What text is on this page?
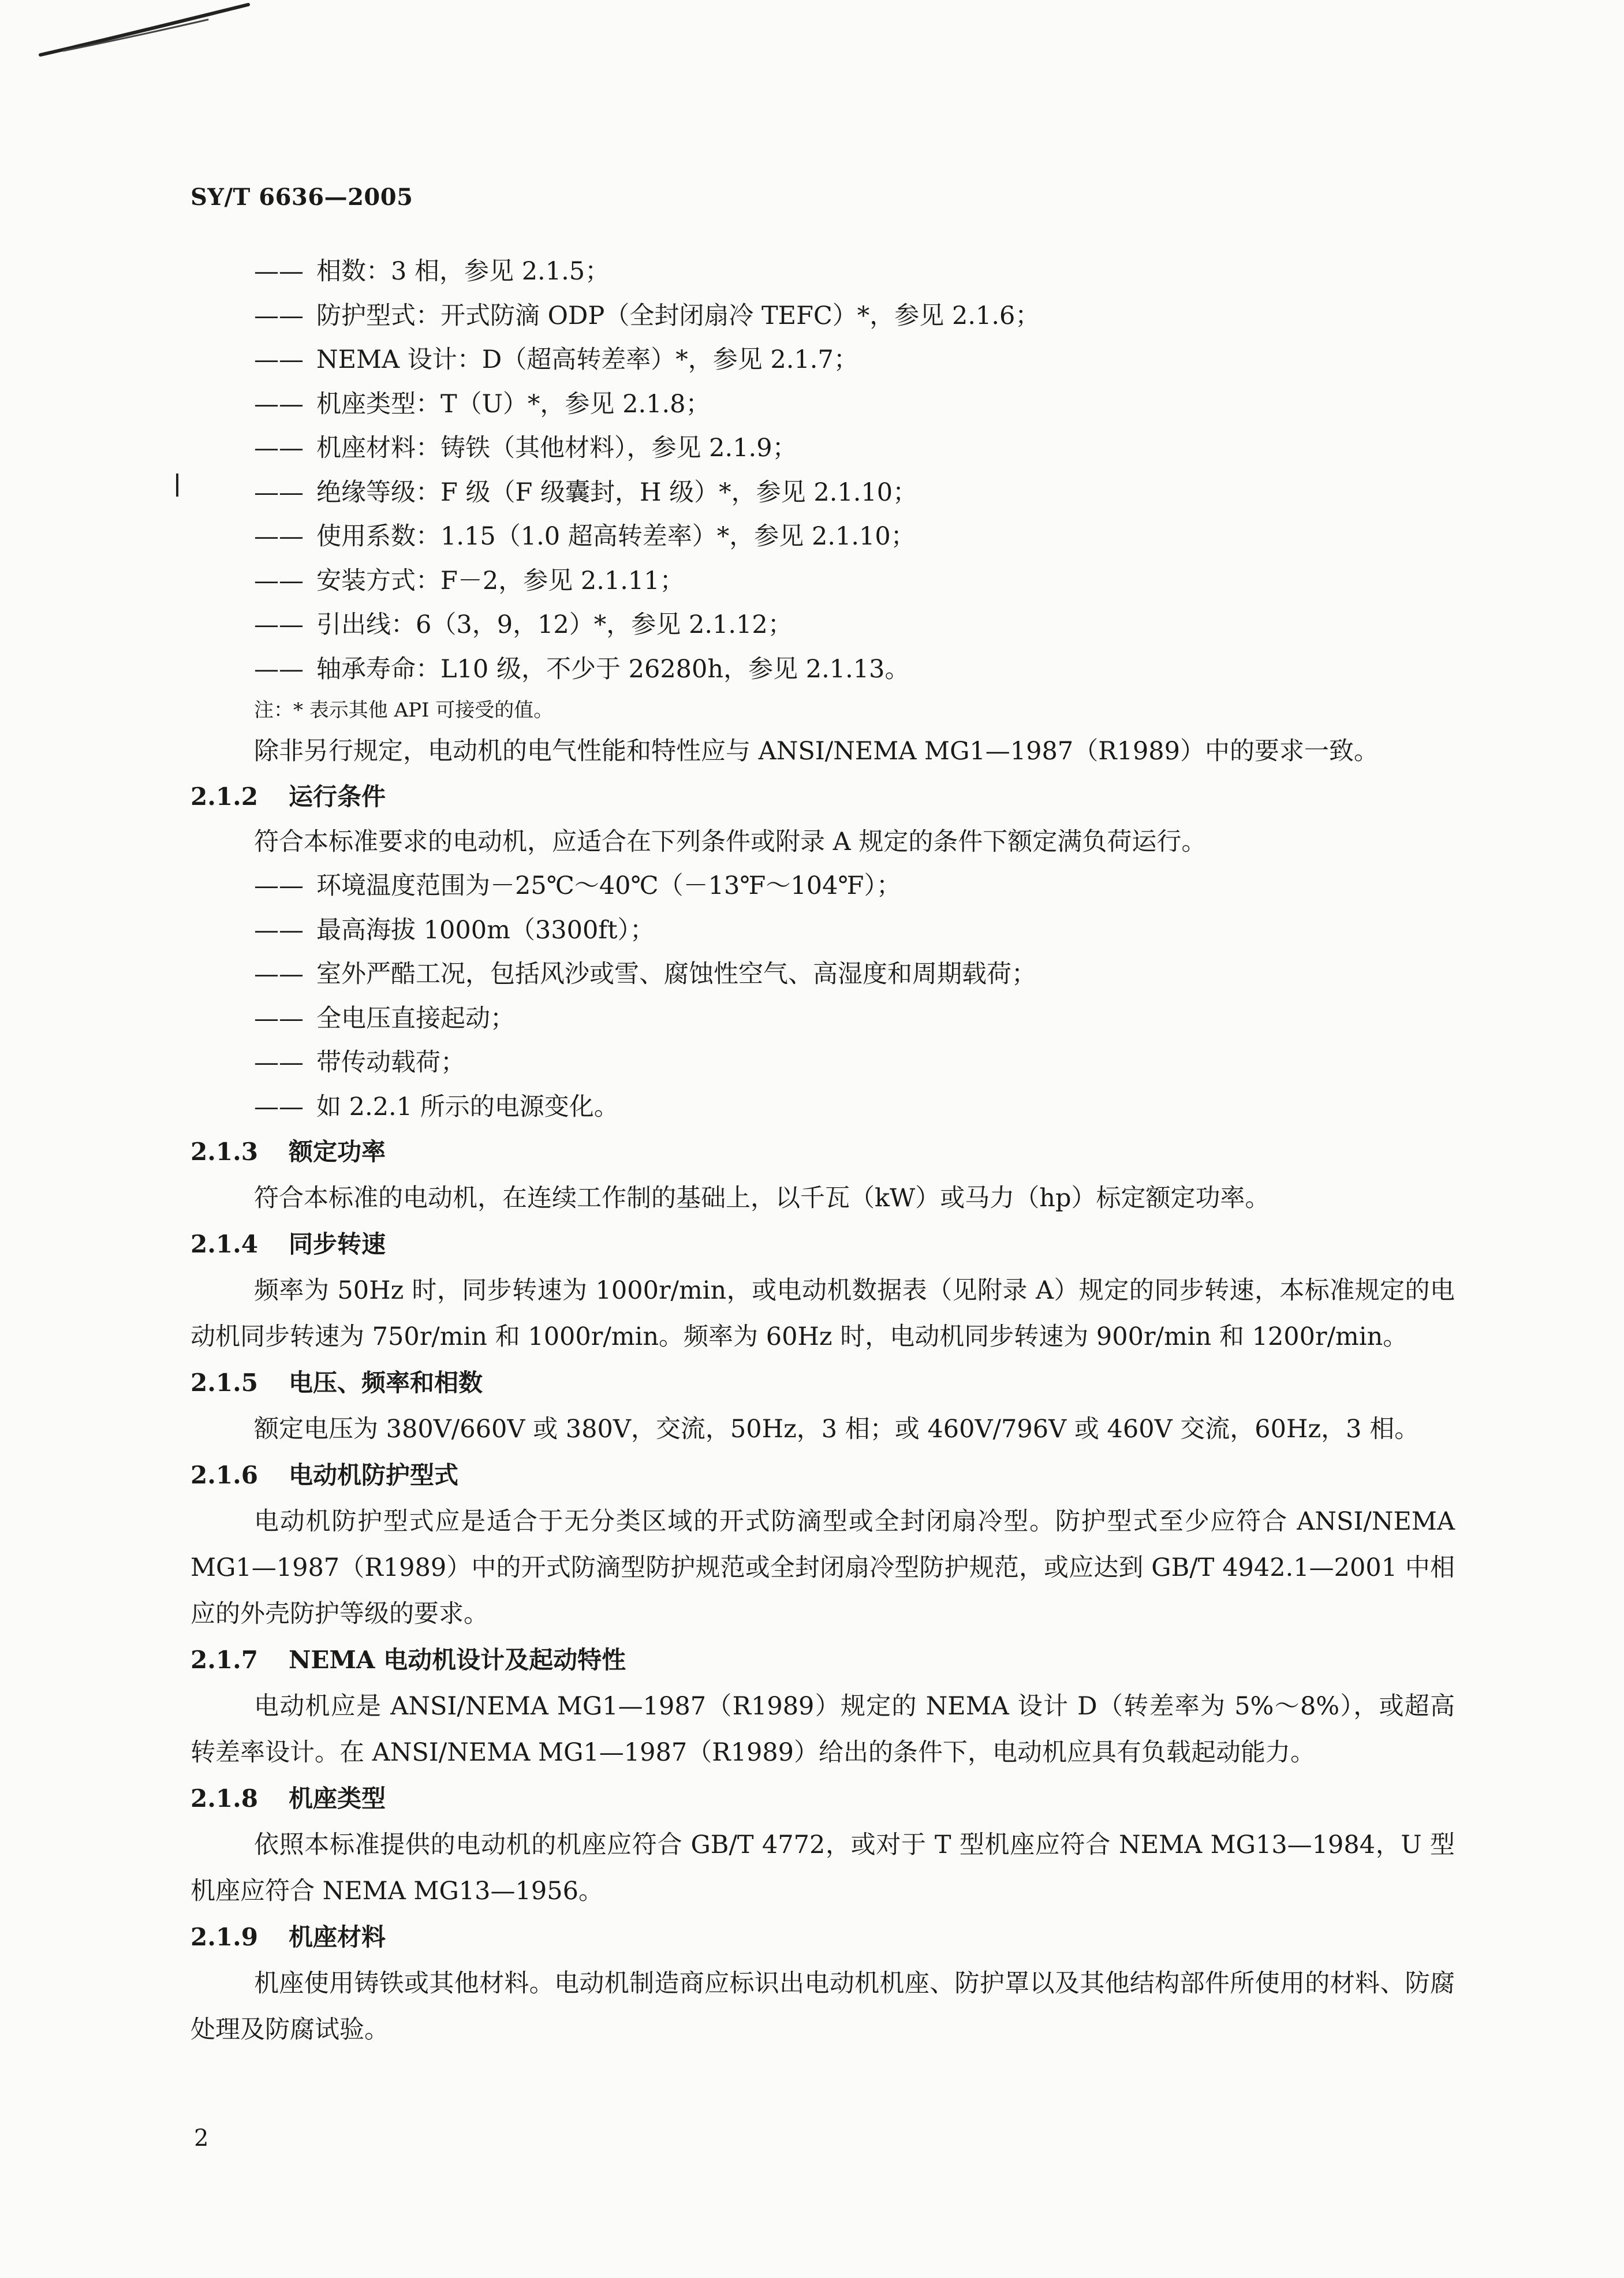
SY/T 6636—2005
—— 相数：3 相，参见 2.1.5；
—— 防护型式：开式防滴 ODP（全封闭扇冷 TEFC）*，参见 2.1.6；
—— NEMA 设计：D（超高转差率）*，参见 2.1.7；
—— 机座类型：T（U）*，参见 2.1.8；
—— 机座材料：铸铁（其他材料），参见 2.1.9；
—— 绝缘等级：F 级（F 级囊封，H 级）*，参见 2.1.10；
—— 使用系数：1.15（1.0 超高转差率）*，参见 2.1.10；
—— 安装方式：F－2，参见 2.1.11；
—— 引出线：6（3，9，12）*，参见 2.1.12；
—— 轴承寿命：L10 级，不少于 26280h，参见 2.1.13。
注：* 表示其他 API 可接受的值。
除非另行规定，电动机的电气性能和特性应与 ANSI/NEMA MG1—1987（R1989）中的要求一致。
2.1.2 运行条件
符合本标准要求的电动机，应适合在下列条件或附录 A 规定的条件下额定满负荷运行。
—— 环境温度范围为－25℃～40℃（－13℉～104℉）；
—— 最高海拔 1000m（3300ft）；
—— 室外严酷工况，包括风沙或雪、腐蚀性空气、高湿度和周期载荷；
—— 全电压直接起动；
—— 带传动载荷；
—— 如 2.2.1 所示的电源变化。
2.1.3 额定功率
符合本标准的电动机，在连续工作制的基础上，以千瓦（kW）或马力（hp）标定额定功率。
2.1.4 同步转速
频率为 50Hz 时，同步转速为 1000r/min，或电动机数据表（见附录 A）规定的同步转速，本标准规定的电动机同步转速为 750r/min 和 1000r/min。频率为 60Hz 时，电动机同步转速为 900r/min 和 1200r/min。
2.1.5 电压、频率和相数
额定电压为 380V/660V 或 380V，交流，50Hz，3 相；或 460V/796V 或 460V 交流，60Hz，3 相。
2.1.6 电动机防护型式
电动机防护型式应是适合于无分类区域的开式防滴型或全封闭扇冷型。防护型式至少应符合 ANSI/NEMA MG1—1987（R1989）中的开式防滴型防护规范或全封闭扇冷型防护规范，或应达到 GB/T 4942.1—2001 中相应的外壳防护等级的要求。
2.1.7 NEMA 电动机设计及起动特性
电动机应是 ANSI/NEMA MG1—1987（R1989）规定的 NEMA 设计 D（转差率为 5%～8%），或超高转差率设计。在 ANSI/NEMA MG1—1987（R1989）给出的条件下，电动机应具有负载起动能力。
2.1.8 机座类型
依照本标准提供的电动机的机座应符合 GB/T 4772，或对于 T 型机座应符合 NEMA MG13—1984，U 型机座应符合 NEMA MG13—1956。
2.1.9 机座材料
机座使用铸铁或其他材料。电动机制造商应标识出电动机机座、防护罩以及其他结构部件所使用的材料、防腐处理及防腐试验。
2
